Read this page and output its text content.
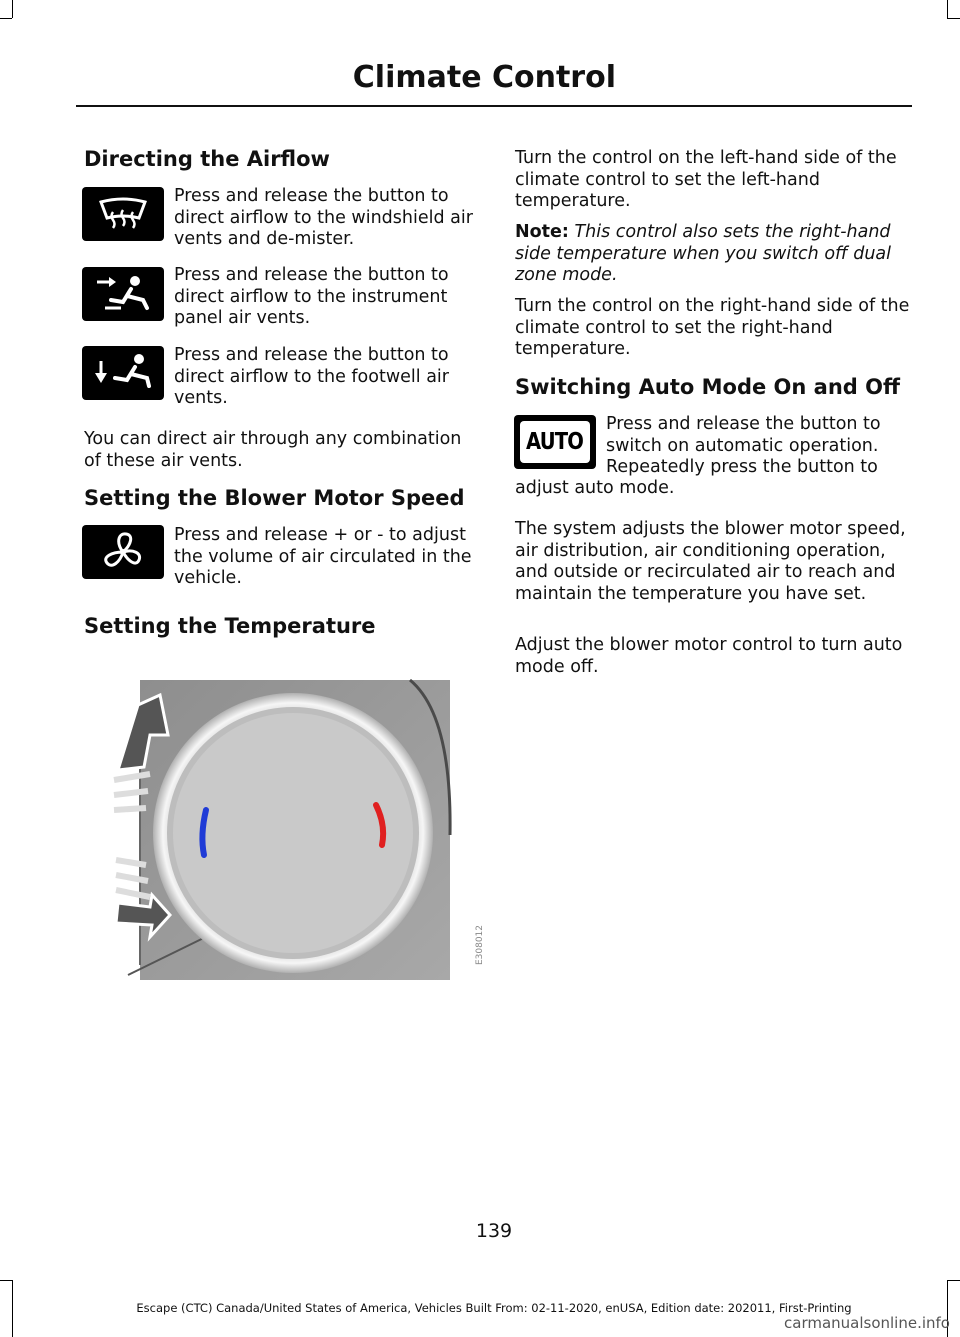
Climate Control
Directing the Airflow

Press and release the button to direct airflow to the windshield air vents and de-mister.

Press and release the button to direct airflow to the instrument panel air vents.

Press and release the button to direct airflow to the footwell air vents.

You can direct air through any combination of these air vents.

Setting the Blower Motor Speed

Press and release + or - to adjust the volume of air circulated in the vehicle.

Setting the Temperature
E308012

Turn the control on the left-hand side of the climate control to set the left-hand temperature.

Note: This control also sets the right-hand side temperature when you switch off dual zone mode.

Turn the control on the right-hand side of the climate control to set the right-hand temperature.

Switching Auto Mode On and Off
AUTO

Press and release the button to switch on automatic operation. Repeatedly press the button to

adjust auto mode.

The system adjusts the blower motor speed, air distribution, air conditioning operation, and outside or recirculated air to reach and maintain the temperature you have set.

Adjust the blower motor control to turn auto mode off.

139
Escape (CTC) Canada/United States of America, Vehicles Built From: 02-11-2020, enUSA, Edition date: 202011, First-Printing
carmanualsonline.info
